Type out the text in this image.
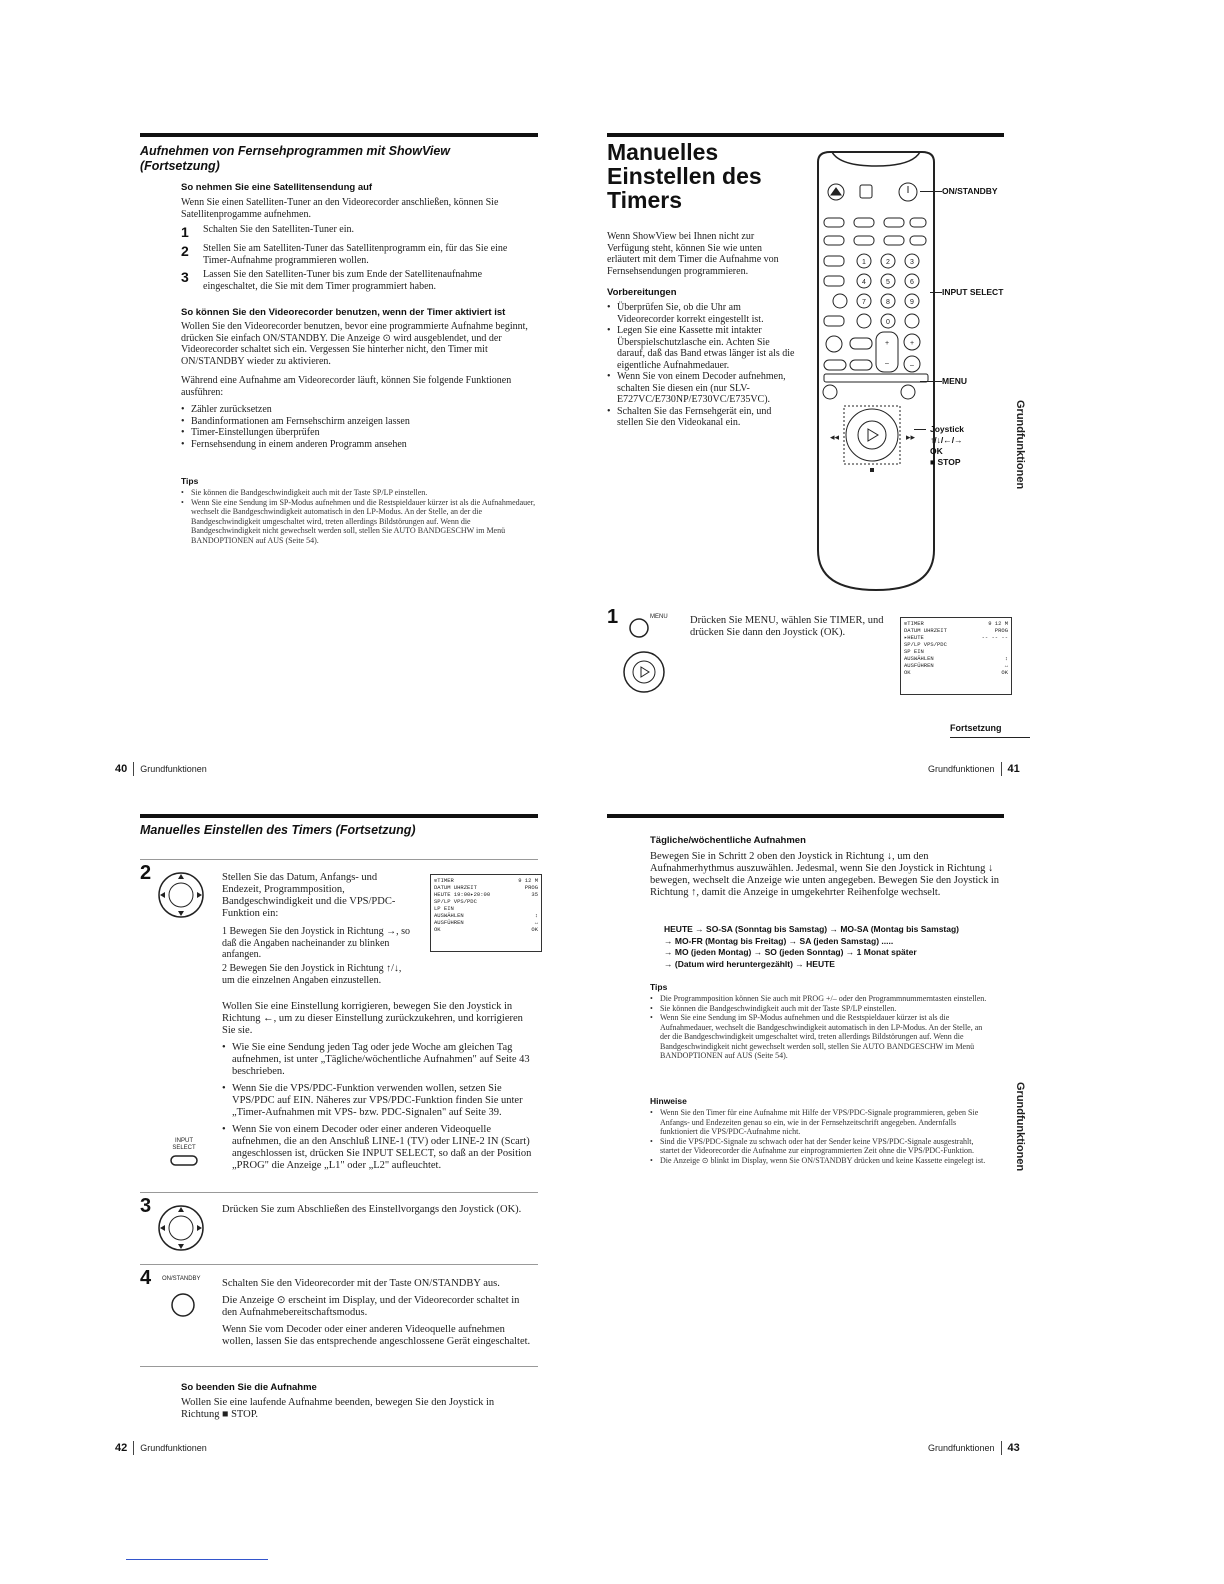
Aufnehmen von Fernsehprogrammen mit ShowView
(Fortsetzung)
So nehmen Sie eine Satellitensendung auf
Wenn Sie einen Satelliten-Tuner an den Videorecorder anschließen, können Sie Satellitenprogamme aufnehmen.
1	Schalten Sie den Satelliten-Tuner ein.
2	Stellen Sie am Satelliten-Tuner das Satellitenprogramm ein, für das Sie eine Timer-Aufnahme programmieren wollen.
3	Lassen Sie den Satelliten-Tuner bis zum Ende der Satellitenaufnahme eingeschaltet, die Sie mit dem Timer programmiert haben.
So können Sie den Videorecorder benutzen, wenn der Timer aktiviert ist
Wollen Sie den Videorecorder benutzen, bevor eine programmierte Aufnahme beginnt, drücken Sie einfach ON/STANDBY. Die Anzeige ⊙ wird ausgeblendet, und der Videorecorder schaltet sich ein. Vergessen Sie hinterher nicht, den Timer mit ON/STANDBY wieder zu aktivieren.
Während eine Aufnahme am Videorecorder läuft, können Sie folgende Funktionen ausführen:
• Zähler zurücksetzen
• Bandinformationen am Fernsehschirm anzeigen lassen
• Timer-Einstellungen überprüfen
• Fernsehsendung in einem anderen Programm ansehen
Tips
• Sie können die Bandgeschwindigkeit auch mit der Taste SP/LP einstellen.
• Wenn Sie eine Sendung im SP-Modus aufnehmen und die Restspieldauer kürzer ist als die Aufnahmedauer, wechselt die Bandgeschwindigkeit automatisch in den LP-Modus. An der Stelle, an der die Bandgeschwindigkeit umgeschaltet wird, treten allerdings Bildstörungen auf. Wenn die Bandgeschwindigkeit nicht gewechselt werden soll, stellen Sie AUTO BANDGESCHW im Menü BANDOPTIONEN auf AUS (Seite 54).
40 Grundfunktionen
Manuelles
Einstellen des
Timers
Wenn ShowView bei Ihnen nicht zur Verfügung steht, können Sie wie unten erläutert mit dem Timer die Aufnahme von Fernsehsendungen programmieren.
Vorbereitungen
• Überprüfen Sie, ob die Uhr am Videorecorder korrekt eingestellt ist.
• Legen Sie eine Kassette mit intakter Überspielschutzlasche ein. Achten Sie darauf, daß das Band etwas länger ist als die eigentliche Aufnahmedauer.
• Wenn Sie von einem Decoder aufnehmen, schalten Sie diesen ein (nur SLV-E727VC/E730NP/E730VC/E735VC).
• Schalten Sie das Fernsehgerät ein, und stellen Sie den Videokanal ein.
1	2	3
4	5	6
7	8	9
0
+
–
+
–
◂◂	▸▸
ON/STANDBY
INPUT SELECT
MENU
Joystick
↑/↓/←/→
OK
■ STOP
1	MENU Drücken Sie MENU, wählen Sie TIMER, und drücken Sie dann den Joystick (OK).
⊙TIMER	9 12 M
DATUM UHRZEIT	PROG
▸HEUTE	-- -- --
SP/LP VPS/PDC
SP EIN
AUSWÄHLEN	↕
AUSFÜHREN	↔
OK	OK
Fortsetzung
Grundfunktionen 41
Grundfunktionen
Manuelles Einstellen des Timers (Fortsetzung)
2	Stellen Sie das Datum, Anfangs- und Endezeit, Programmposition, Bandgeschwindigkeit und die VPS/PDC-Funktion ein:
⊙TIMER	9 12 M
DATUM UHRZEIT	PROG
HEUTE 19:00▸20:00	35
SP/LP VPS/PDC
LP EIN
AUSWÄHLEN	↕
AUSFÜHREN	↔
OK	OK
1 Bewegen Sie den Joystick in Richtung →, so daß die Angaben nacheinander zu blinken anfangen.
2 Bewegen Sie den Joystick in Richtung ↑/↓, um die einzelnen Angaben einzustellen.
Wollen Sie eine Einstellung korrigieren, bewegen Sie den Joystick in Richtung ←, um zu dieser Einstellung zurückzukehren, und korrigieren Sie sie.
• Wie Sie eine Sendung jeden Tag oder jede Woche am gleichen Tag aufnehmen, ist unter „Tägliche/wöchentliche Aufnahmen" auf Seite 43 beschrieben.
• Wenn Sie die VPS/PDC-Funktion verwenden wollen, setzen Sie VPS/PDC auf EIN. Näheres zur VPS/PDC-Funktion finden Sie unter „Timer-Aufnahmen mit VPS- bzw. PDC-Signalen" auf Seite 39.
• Wenn Sie von einem Decoder oder einer anderen Videoquelle aufnehmen, die an den Anschluß LINE-1 (TV) oder LINE-2 IN (Scart) angeschlossen ist, drücken Sie INPUT SELECT, so daß an der Position „PROG" die Anzeige „L1" oder „L2" aufleuchtet.
INPUT SELECT
3	Drücken Sie zum Abschließen des Einstellvorgangs den Joystick (OK).
4 ON/STANDBY Schalten Sie den Videorecorder mit der Taste ON/STANDBY aus.
Die Anzeige ⊙ erscheint im Display, und der Videorecorder schaltet in den Aufnahmebereitschaftsmodus.
Wenn Sie vom Decoder oder einer anderen Videoquelle aufnehmen wollen, lassen Sie das entsprechende angeschlossene Gerät eingeschaltet.
So beenden Sie die Aufnahme
Wollen Sie eine laufende Aufnahme beenden, bewegen Sie den Joystick in Richtung ■ STOP.
42 Grundfunktionen
Tägliche/wöchentliche Aufnahmen
Bewegen Sie in Schritt 2 oben den Joystick in Richtung ↓, um den Aufnahmerhythmus auszuwählen. Jedesmal, wenn Sie den Joystick in Richtung ↓ bewegen, wechselt die Anzeige wie unten angegeben. Bewegen Sie den Joystick in Richtung ↑, damit die Anzeige in umgekehrter Reihenfolge wechselt.
HEUTE → SO-SA (Sonntag bis Samstag) → MO-SA (Montag bis Samstag)
→ MO-FR (Montag bis Freitag) → SA (jeden Samstag) .....
→ MO (jeden Montag) → SO (jeden Sonntag) → 1 Monat später
→ (Datum wird heruntergezählt) → HEUTE
Tips
• Die Programmposition können Sie auch mit PROG +/– oder den Programmnummerntasten einstellen.
• Sie können die Bandgeschwindigkeit auch mit der Taste SP/LP einstellen.
• Wenn Sie eine Sendung im SP-Modus aufnehmen und die Restspieldauer kürzer ist als die Aufnahmedauer, wechselt die Bandgeschwindigkeit automatisch in den LP-Modus. An der Stelle, an der die Bandgeschwindigkeit umgeschaltet wird, treten allerdings Bildstörungen auf. Wenn die Bandgeschwindigkeit nicht gewechselt werden soll, stellen Sie AUTO BANDGESCHW im Menü BANDOPTIONEN auf AUS (Seite 54).
Hinweise
• Wenn Sie den Timer für eine Aufnahme mit Hilfe der VPS/PDC-Signale programmieren, geben Sie Anfangs- und Endezeiten genau so ein, wie in der Fernsehzeitschrift angegeben. Andernfalls funktioniert die VPS/PDC-Aufnahme nicht.
• Sind die VPS/PDC-Signale zu schwach oder hat der Sender keine VPS/PDC-Signale ausgestrahlt, startet der Videorecorder die Aufnahme zur einprogrammierten Zeit ohne die VPS/PDC-Funktion.
• Die Anzeige ⊙ blinkt im Display, wenn Sie ON/STANDBY drücken und keine Kassette eingelegt ist.
Grundfunktionen 43
Grundfunktionen
